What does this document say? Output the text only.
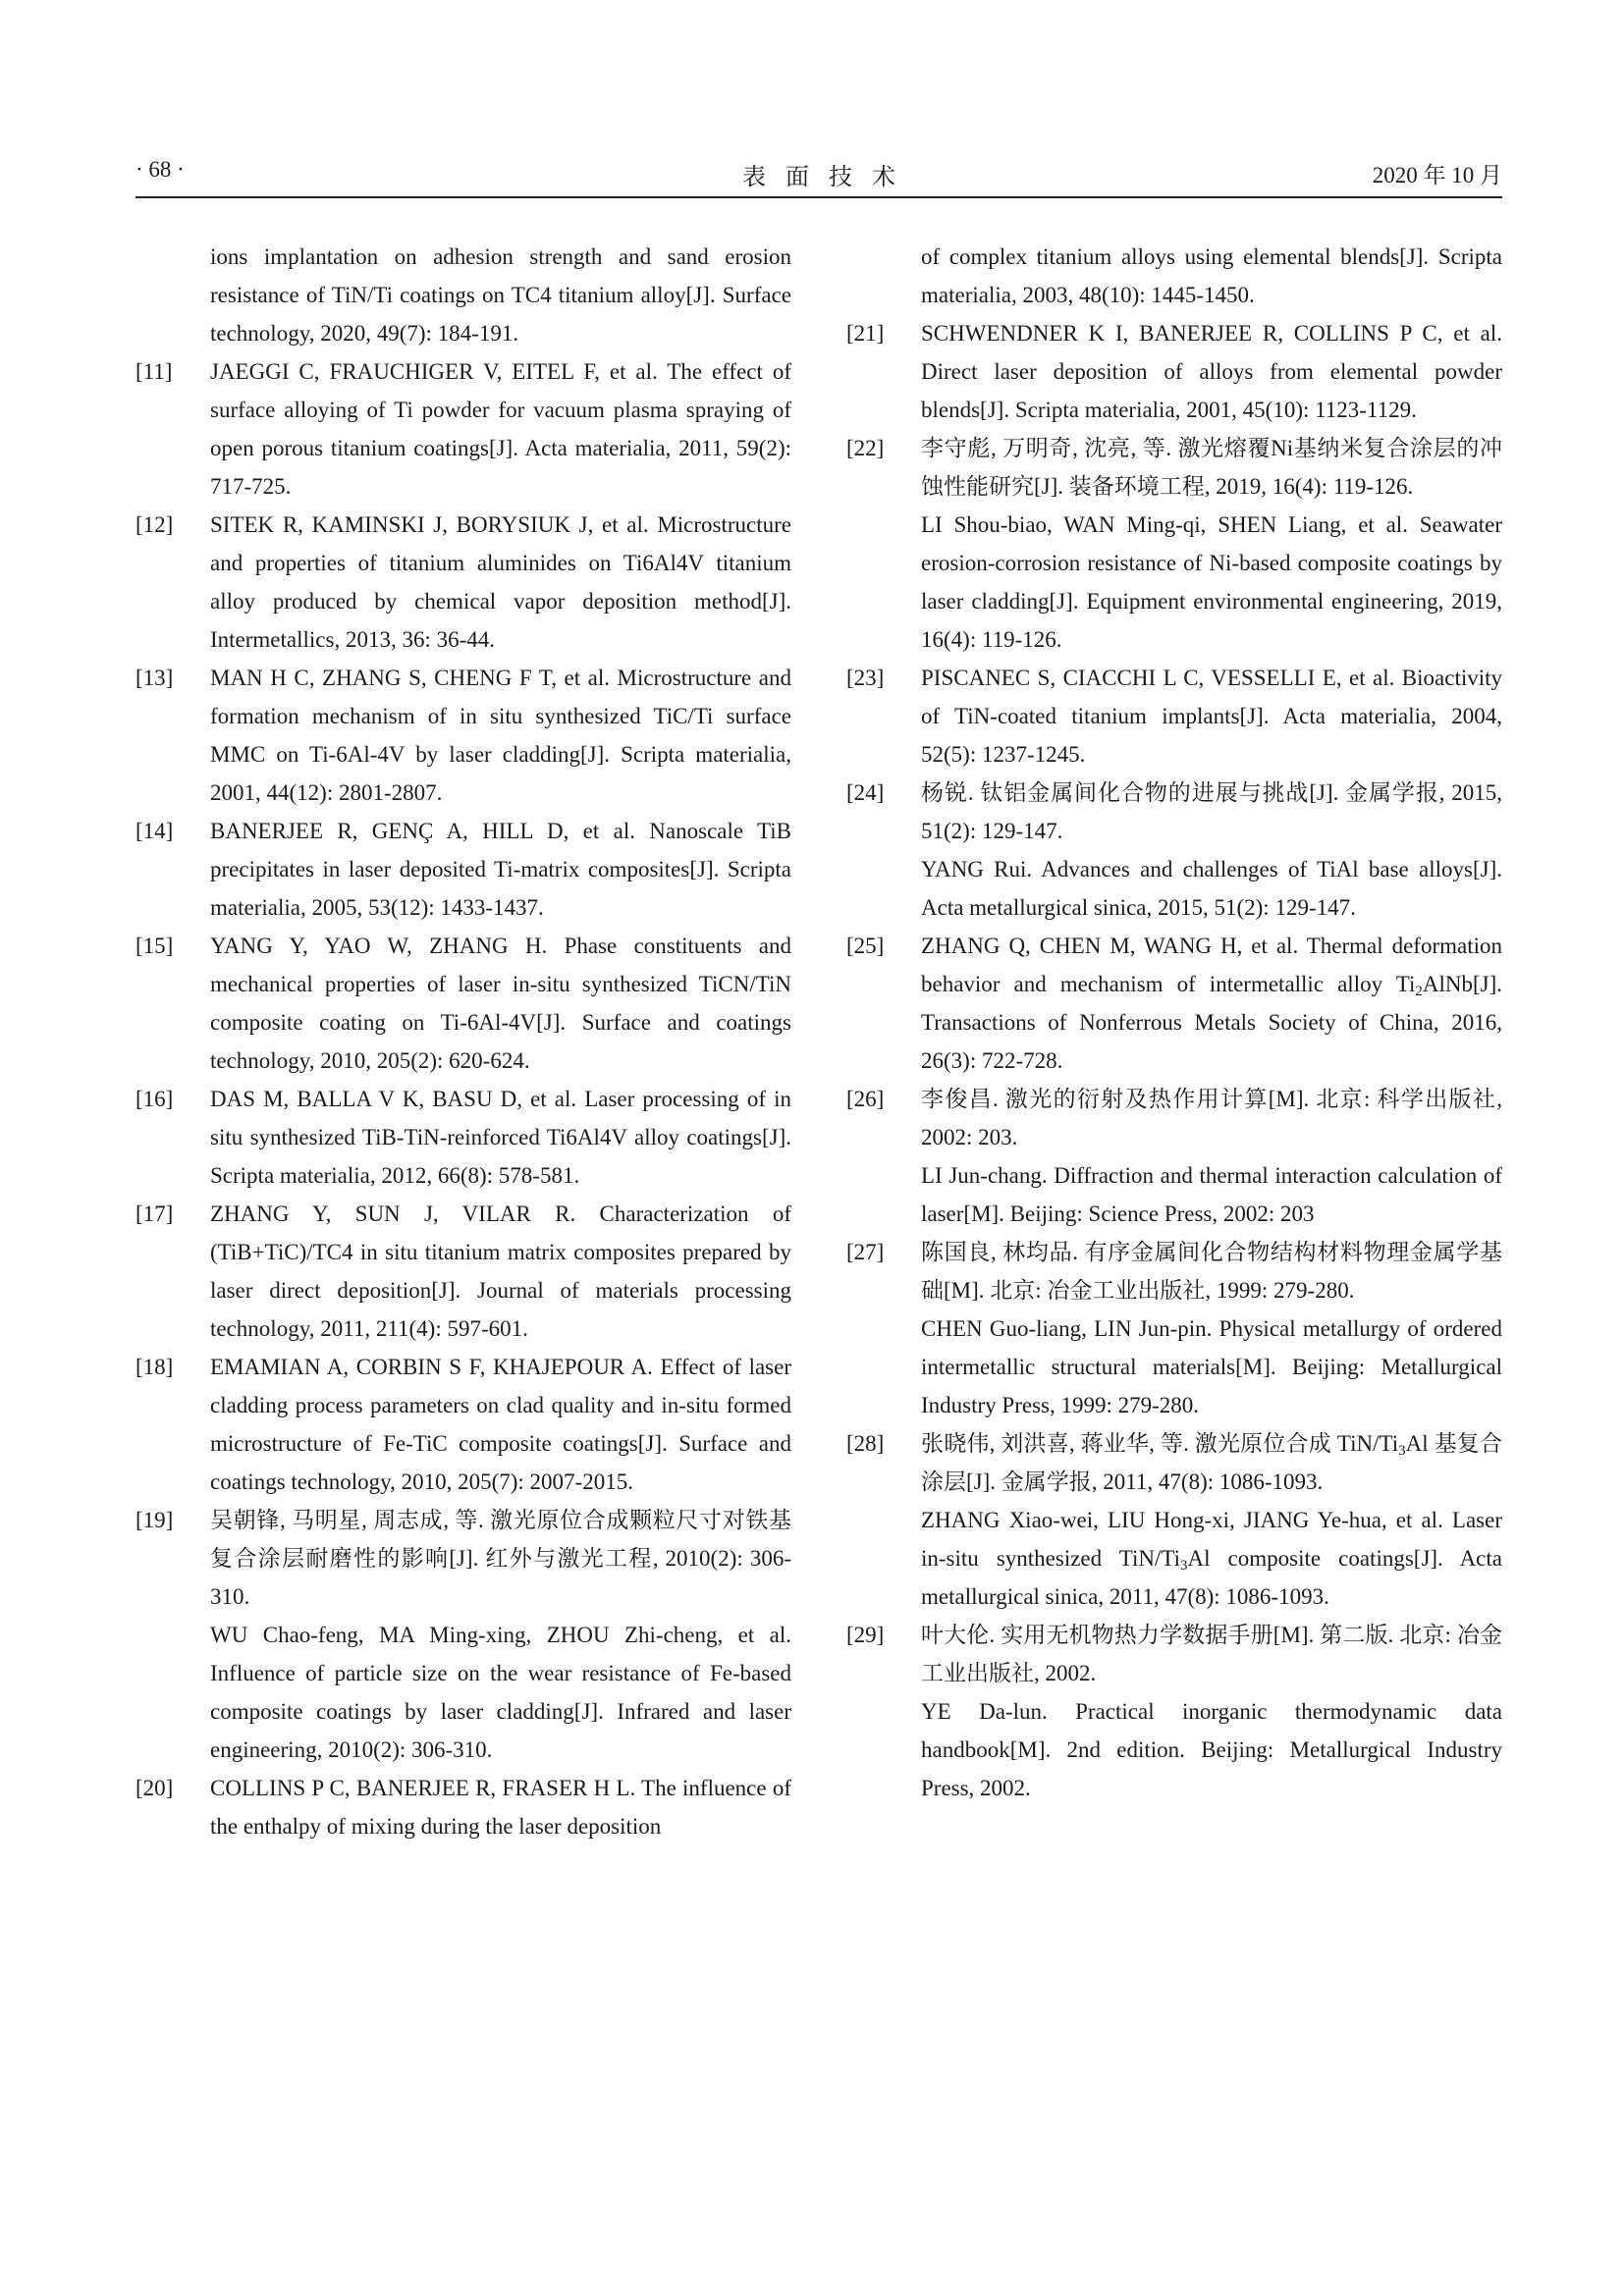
· 68 ·	表面技术	2020 年 10 月
ions implantation on adhesion strength and sand erosion resistance of TiN/Ti coatings on TC4 titanium alloy[J]. Surface technology, 2020, 49(7): 184-191.
[11] JAEGGI C, FRAUCHIGER V, EITEL F, et al. The effect of surface alloying of Ti powder for vacuum plasma spraying of open porous titanium coatings[J]. Acta materialia, 2011, 59(2): 717-725.
[12] SITEK R, KAMINSKI J, BORYSIUK J, et al. Microstructure and properties of titanium aluminides on Ti6Al4V titanium alloy produced by chemical vapor deposition method[J]. Intermetallics, 2013, 36: 36-44.
[13] MAN H C, ZHANG S, CHENG F T, et al. Microstructure and formation mechanism of in situ synthesized TiC/Ti surface MMC on Ti-6Al-4V by laser cladding[J]. Scripta materialia, 2001, 44(12): 2801-2807.
[14] BANERJEE R, GENÇ A, HILL D, et al. Nanoscale TiB precipitates in laser deposited Ti-matrix composites[J]. Scripta materialia, 2005, 53(12): 1433-1437.
[15] YANG Y, YAO W, ZHANG H. Phase constituents and mechanical properties of laser in-situ synthesized TiCN/TiN composite coating on Ti-6Al-4V[J]. Surface and coatings technology, 2010, 205(2): 620-624.
[16] DAS M, BALLA V K, BASU D, et al. Laser processing of in situ synthesized TiB-TiN-reinforced Ti6Al4V alloy coatings[J]. Scripta materialia, 2012, 66(8): 578-581.
[17] ZHANG Y, SUN J, VILAR R. Characterization of (TiB+TiC)/TC4 in situ titanium matrix composites prepared by laser direct deposition[J]. Journal of materials processing technology, 2011, 211(4): 597-601.
[18] EMAMIAN A, CORBIN S F, KHAJEPOUR A. Effect of laser cladding process parameters on clad quality and in-situ formed microstructure of Fe-TiC composite coatings[J]. Surface and coatings technology, 2010, 205(7): 2007-2015.
[19] 吴朝锋, 马明星, 周志成, 等. 激光原位合成颗粒尺寸对铁基复合涂层耐磨性的影响[J]. 红外与激光工程, 2010(2): 306-310.
WU Chao-feng, MA Ming-xing, ZHOU Zhi-cheng, et al. Influence of particle size on the wear resistance of Fe-based composite coatings by laser cladding[J]. Infrared and laser engineering, 2010(2): 306-310.
[20] COLLINS P C, BANERJEE R, FRASER H L. The influence of the enthalpy of mixing during the laser deposition
of complex titanium alloys using elemental blends[J]. Scripta materialia, 2003, 48(10): 1445-1450.
[21] SCHWENDNER K I, BANERJEE R, COLLINS P C, et al. Direct laser deposition of alloys from elemental powder blends[J]. Scripta materialia, 2001, 45(10): 1123-1129.
[22] 李守彪, 万明奇, 沈亮, 等. 激光熔覆Ni基纳米复合涂层的冲蚀性能研究[J]. 装备环境工程, 2019, 16(4): 119-126.
LI Shou-biao, WAN Ming-qi, SHEN Liang, et al. Seawater erosion-corrosion resistance of Ni-based composite coatings by laser cladding[J]. Equipment environmental engineering, 2019, 16(4): 119-126.
[23] PISCANEC S, CIACCHI L C, VESSELLI E, et al. Bioactivity of TiN-coated titanium implants[J]. Acta materialia, 2004, 52(5): 1237-1245.
[24] 杨锐. 钛铝金属间化合物的进展与挑战[J]. 金属学报, 2015, 51(2): 129-147.
YANG Rui. Advances and challenges of TiAl base alloys[J]. Acta metallurgical sinica, 2015, 51(2): 129-147.
[25] ZHANG Q, CHEN M, WANG H, et al. Thermal deformation behavior and mechanism of intermetallic alloy $Ti_2AlNb[J]$. Transactions of Nonferrous Metals Society of China, 2016, 26(3): 722-728.
[26] 李俊昌. 激光的衍射及热作用计算[M]. 北京: 科学出版社, 2002: 203.
LI Jun-chang. Diffraction and thermal interaction calculation of laser[M]. Beijing: Science Press, 2002: 203
[27] 陈国良, 林均品. 有序金属间化合物结构材料物理金属学基础[M]. 北京: 冶金工业出版社, 1999: 279-280.
CHEN Guo-liang, LIN Jun-pin. Physical metallurgy of ordered intermetallic structural materials[M]. Beijing: Metallurgical Industry Press, 1999: 279-280.
[28] 张晓伟, 刘洪喜, 蒋业华, 等. 激光原位合成 TiN/$Ti_3Al$ 基复合涂层[J]. 金属学报, 2011, 47(8): 1086-1093.
ZHANG Xiao-wei, LIU Hong-xi, JIANG Ye-hua, et al. Laser in-situ synthesized TiN/$Ti_3Al$ composite coatings[J]. Acta metallurgical sinica, 2011, 47(8): 1086-1093.
[29] 叶大伦. 实用无机物热力学数据手册[M]. 第二版. 北京: 冶金工业出版社, 2002.
YE Da-lun. Practical inorganic thermodynamic data handbook[M]. 2nd edition. Beijing: Metallurgical Industry Press, 2002.
